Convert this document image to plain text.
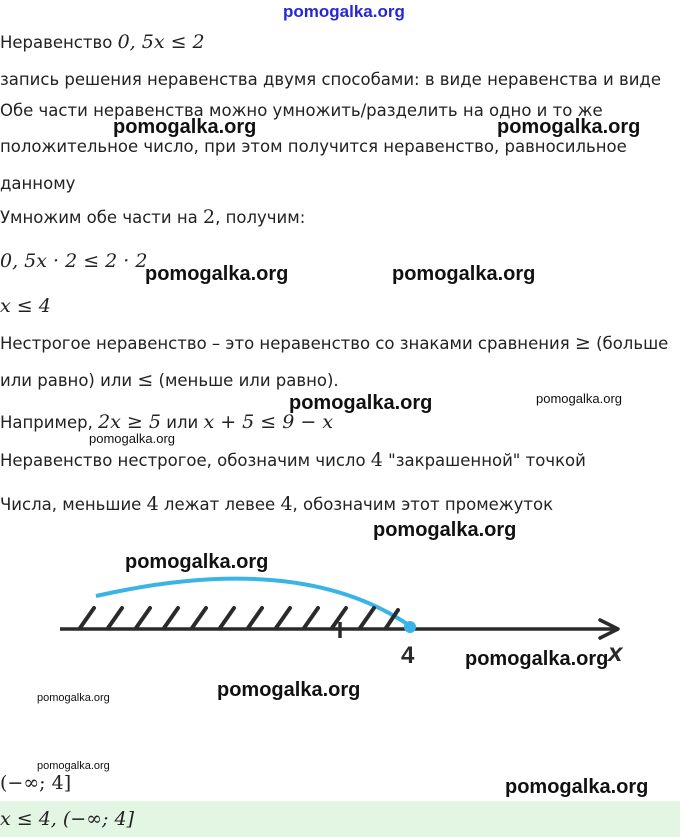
pomogalka.org
Неравенство 0, 5x ≤ 2
запись решения неравенства двумя способами: в виде неравенства и виде
Обе части неравенства можно умножить/разделить на одно и то же
положительное число, при этом получится неравенство, равносильное
данному
Умножим обе части на 2, получим:
0, 5x · 2 ≤ 2 · 2
x ≤ 4
Нестрогое неравенство – это неравенство со знаками сравнения ≥ (больше
или равно) или ≤ (меньше или равно).
Например, 2x ≥ 5 или x + 5 ≤ 9 − x
Неравенство нестрогое, обозначим число 4 "закрашенной" точкой
Числа, меньшие 4 лежат левее 4, обозначим этот промежуток
4	x
(−∞; 4]
x ≤ 4, (−∞; 4]
pomogalka.org	pomogalka.org
pomogalka.org	pomogalka.org
pomogalka.org	pomogalka.org
pomogalka.org
pomogalka.org
pomogalka.org
pomogalka.org
pomogalka.org
pomogalka.org
pomogalka.org
pomogalka.org
